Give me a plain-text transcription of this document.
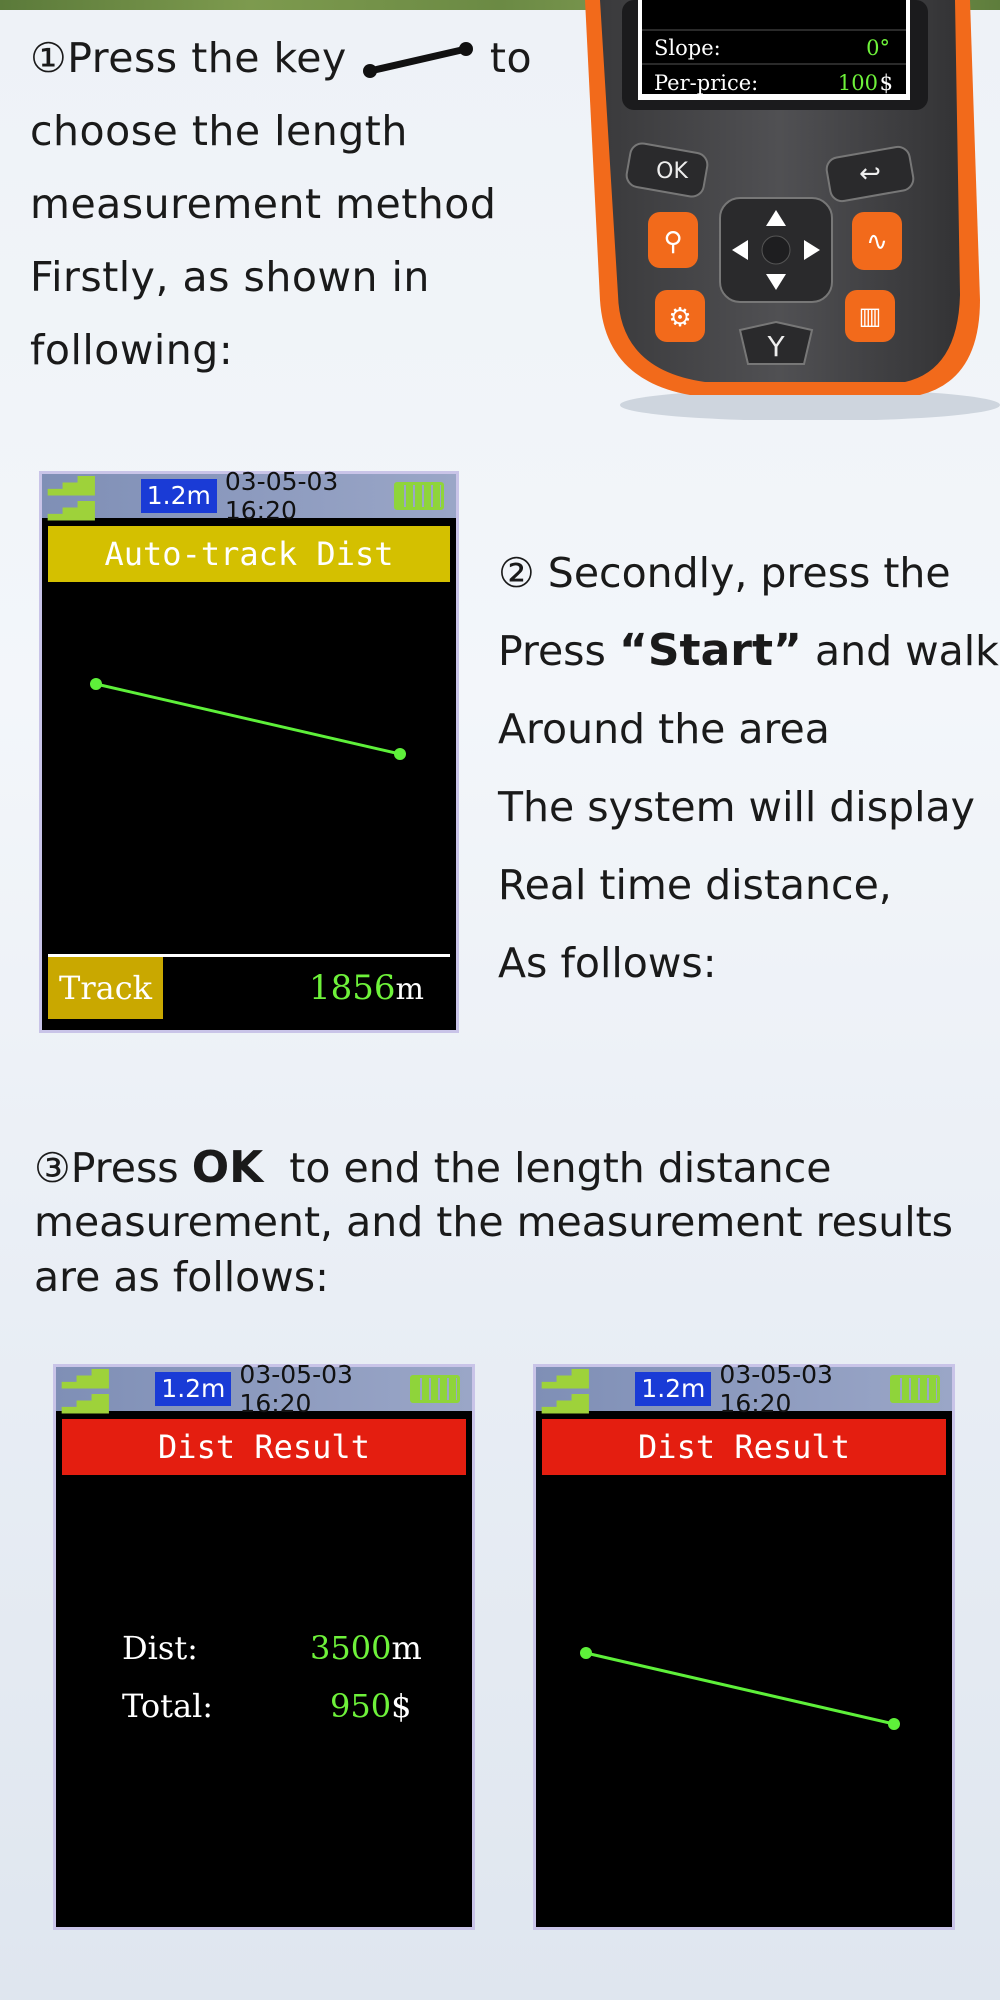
①Press the key	to
choose the length
measurement method
Firstly, as shown in
following:
Slope:	0°
Per-price:	100 $
OK	↩
⚲
⚙
∿
▥
Y
▂▄▆ ▂▄▆	1.2m 03-05-03 16:20
Auto-track Dist
Track	1856m
② Secondly, press the
Press “Start” and walk
Around the area
The system will display
Real time distance,
As follows:
③Press OK  to end the length distance
measurement, and the measurement results
are as follows:
▂▄▆ ▂▄▆	1.2m 03-05-03 16:20
Dist Result
Dist:	3500m
Total:	950$
▂▄▆ ▂▄▆	1.2m 03-05-03 16:20
Dist Result
